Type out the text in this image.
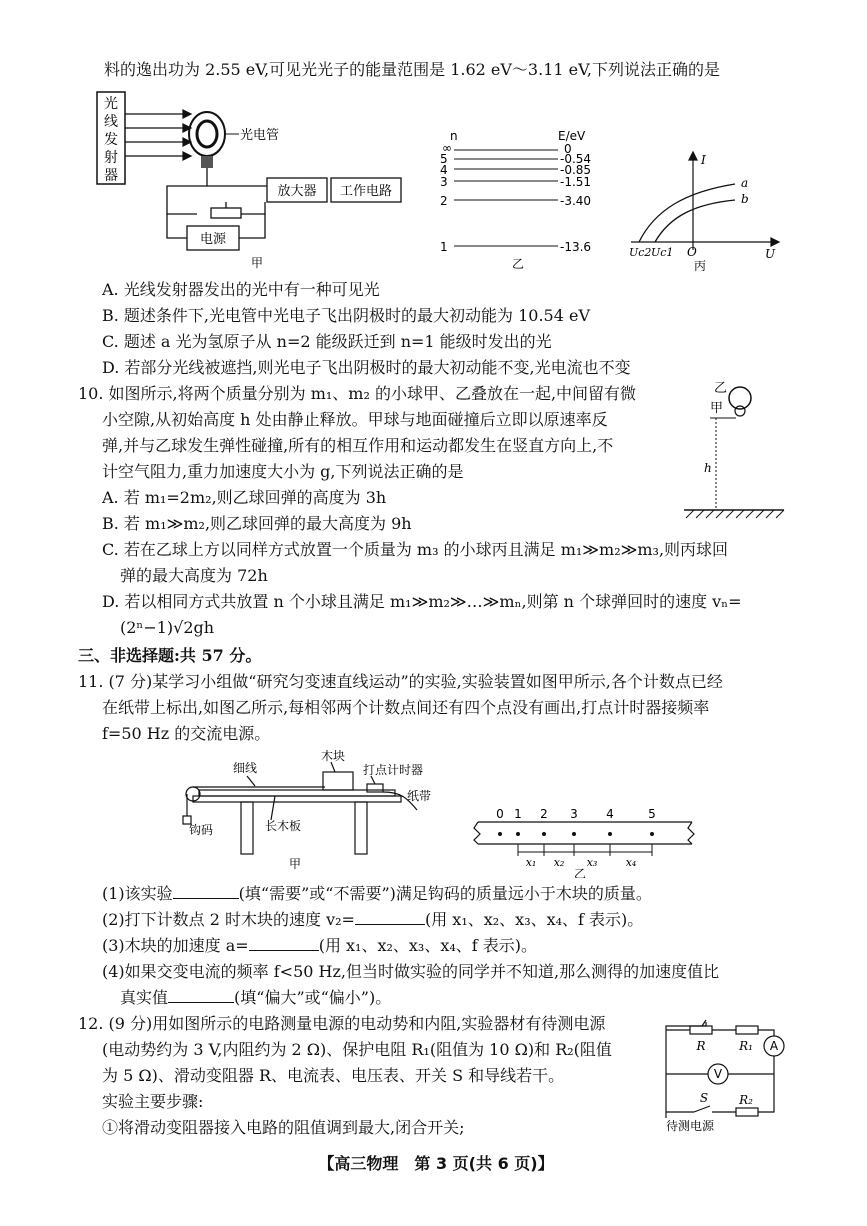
料的逸出功为 2.55 eV,可见光光子的能量范围是 1.62 eV～3.11 eV,下列说法正确的是
光
线
发
射
器
光电管
放大器 工作电路
电源
甲
n	E/eV
∞	0
5	-0.54
4	-0.85
3	-1.51
2	-3.40
1	-13.6
乙
I
U
a
b
Uc2 Uc1 O
丙
A. 光线发射器发出的光中有一种可见光
B. 题述条件下,光电管中光电子飞出阴极时的最大初动能为 10.54 eV
C. 题述 a 光为氢原子从 n=2 能级跃迁到 n=1 能级时发出的光
D. 若部分光线被遮挡,则光电子飞出阴极时的最大初动能不变,光电流也不变
10. 如图所示,将两个质量分别为 m₁、m₂ 的小球甲、乙叠放在一起,中间留有微
小空隙,从初始高度 h 处由静止释放。甲球与地面碰撞后立即以原速率反
弹,并与乙球发生弹性碰撞,所有的相互作用和运动都发生在竖直方向上,不
计空气阻力,重力加速度大小为 g,下列说法正确的是
A. 若 m₁=2m₂,则乙球回弹的高度为 3h
B. 若 m₁≫m₂,则乙球回弹的最大高度为 9h
C. 若在乙球上方以同样方式放置一个质量为 m₃ 的小球丙且满足 m₁≫m₂≫m₃,则丙球回
弹的最大高度为 72h
D. 若以相同方式共放置 n 个小球且满足 m₁≫m₂≫…≫mₙ,则第 n 个球弹回时的速度 vₙ=
(2ⁿ−1)√2gh
乙
甲
h
三、非选择题:共 57 分。
11. (7 分)某学习小组做“研究匀变速直线运动”的实验,实验装置如图甲所示,各个计数点已经
在纸带上标出,如图乙所示,每相邻两个计数点间还有四个点没有画出,打点计时器接频率
f=50 Hz 的交流电源。
细线
木块
打点计时器
纸带
钩码	长木板
甲
0 1 2 3 4	5
x₁ x₂ x₃	x₄
乙
(1)该实验	(填“需要”或“不需要”)满足钩码的质量远小于木块的质量。
(2)打下计数点 2 时木块的速度 v₂=	(用 x₁、x₂、x₃、x₄、f 表示)。
(3)木块的加速度 a=	(用 x₁、x₂、x₃、x₄、f 表示)。
(4)如果交变电流的频率 f<50 Hz,但当时做实验的同学并不知道,那么测得的加速度值比
真实值	(填“偏大”或“偏小”)。
12. (9 分)用如图所示的电路测量电源的电动势和内阻,实验器材有待测电源
(电动势约为 3 V,内阻约为 2 Ω)、保护电阻 R₁(阻值为 10 Ω)和 R₂(阻值
为 5 Ω)、滑动变阻器 R、电流表、电压表、开关 S 和导线若干。
实验主要步骤:
①将滑动变阻器接入电路的阻值调到最大,闭合开关;
R	R₁
R₂
S
A
V
待测电源
【高三物理　第 3 页(共 6 页)】
